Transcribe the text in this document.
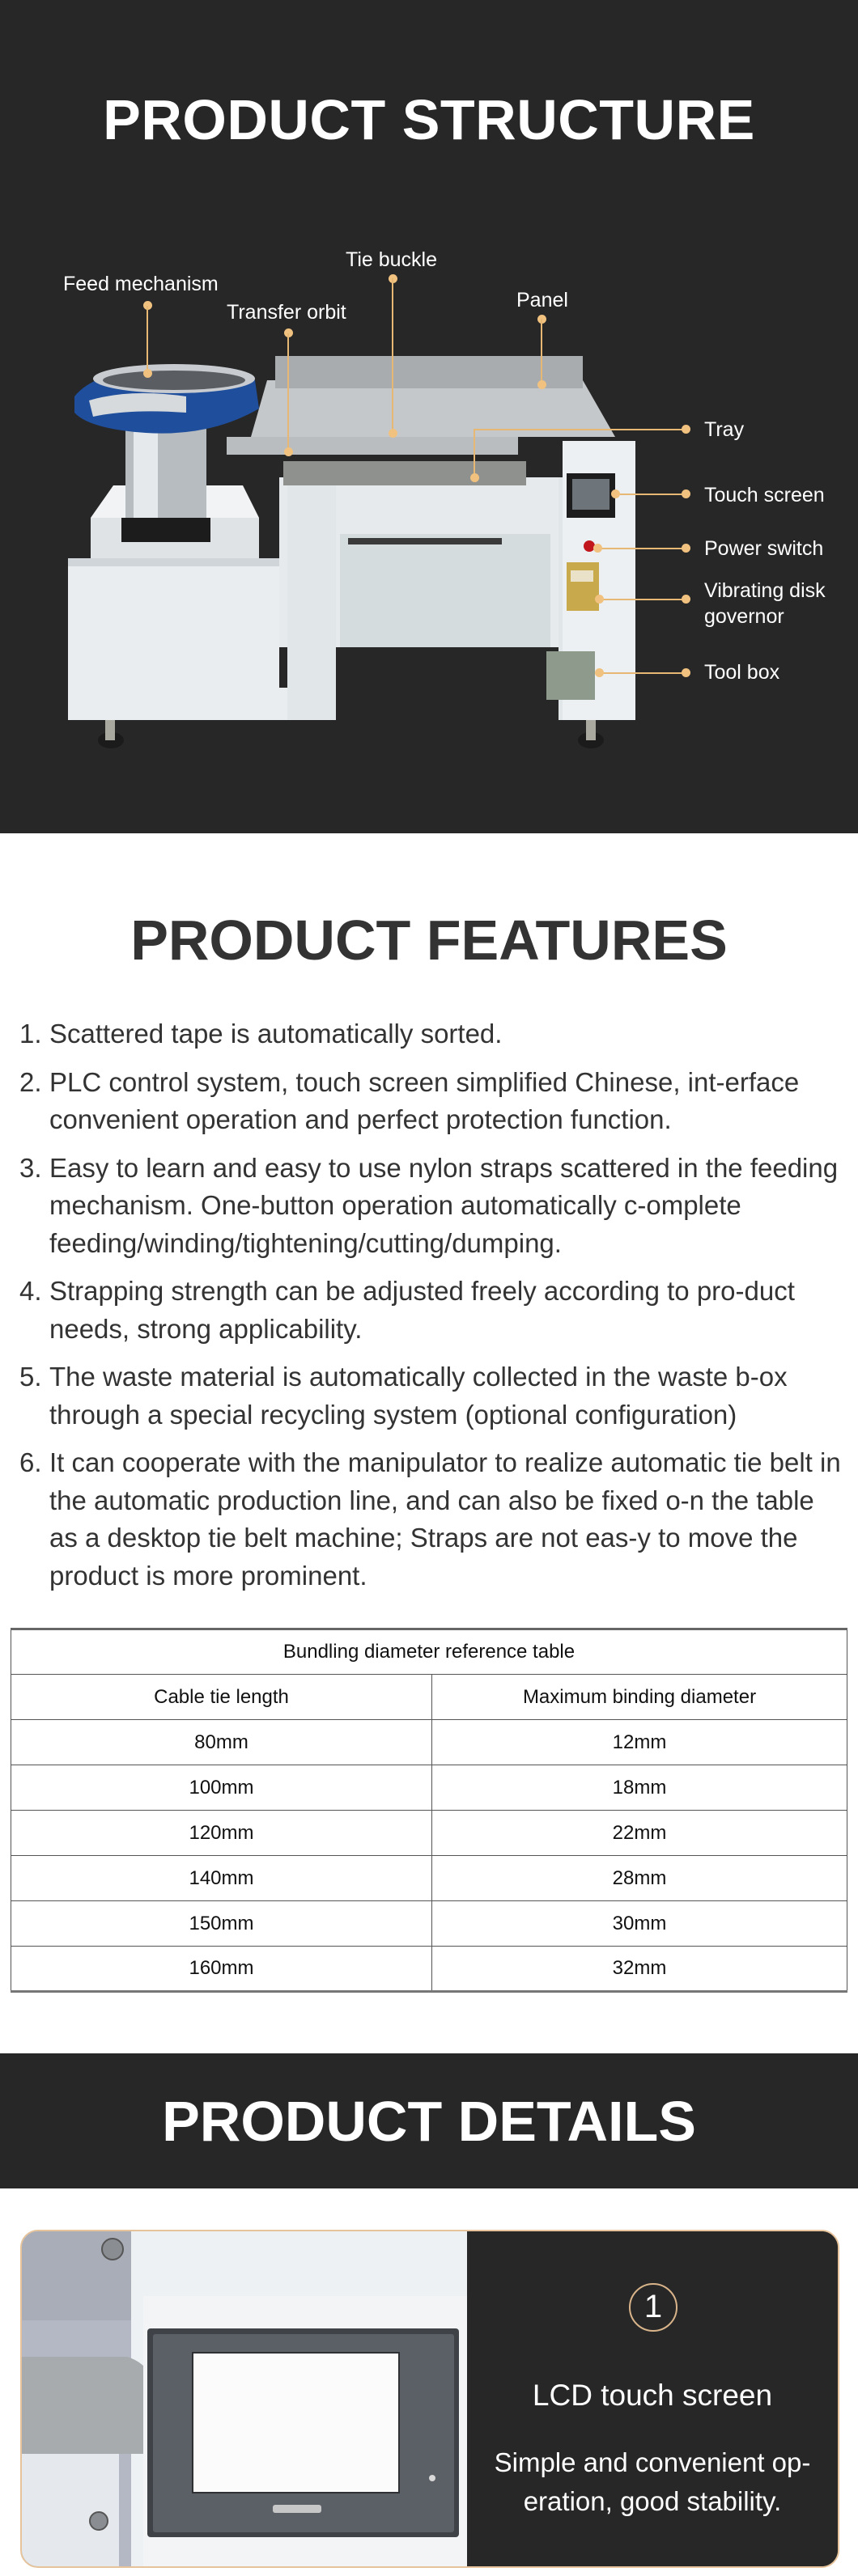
PRODUCT STRUCTURE
Feed mechanism
Tie buckle
Transfer orbit
Panel
Tray
Touch screen
Power switch
Vibrating disk governor
Tool box
PRODUCT FEATURES
1. Scattered tape is automatically sorted.
2. PLC control system, touch screen simplified Chinese, int-erface convenient operation and perfect protection function.
3. Easy to learn and easy to use nylon straps scattered in the feeding mechanism. One-button operation automatically c-omplete feeding/winding/tightening/cutting/dumping.
4. Strapping strength can be adjusted freely according to pro-duct needs, strong applicability.
5. The waste material is automatically collected in the waste b-ox through a special recycling system (optional configuration)
6. It can cooperate with the manipulator to realize automatic tie belt in the automatic production line, and can also be fixed o-n the table as a desktop tie belt machine; Straps are not eas-y to move the product is more prominent.
Bundling diameter reference table	
Cable tie length	Maximum binding diameter
80mm	12mm
100mm	18mm
120mm	22mm
140mm	28mm
150mm	30mm
160mm	32mm
PRODUCT DETAILS
1
LCD touch screen
Simple and convenient op-eration, good stability.
